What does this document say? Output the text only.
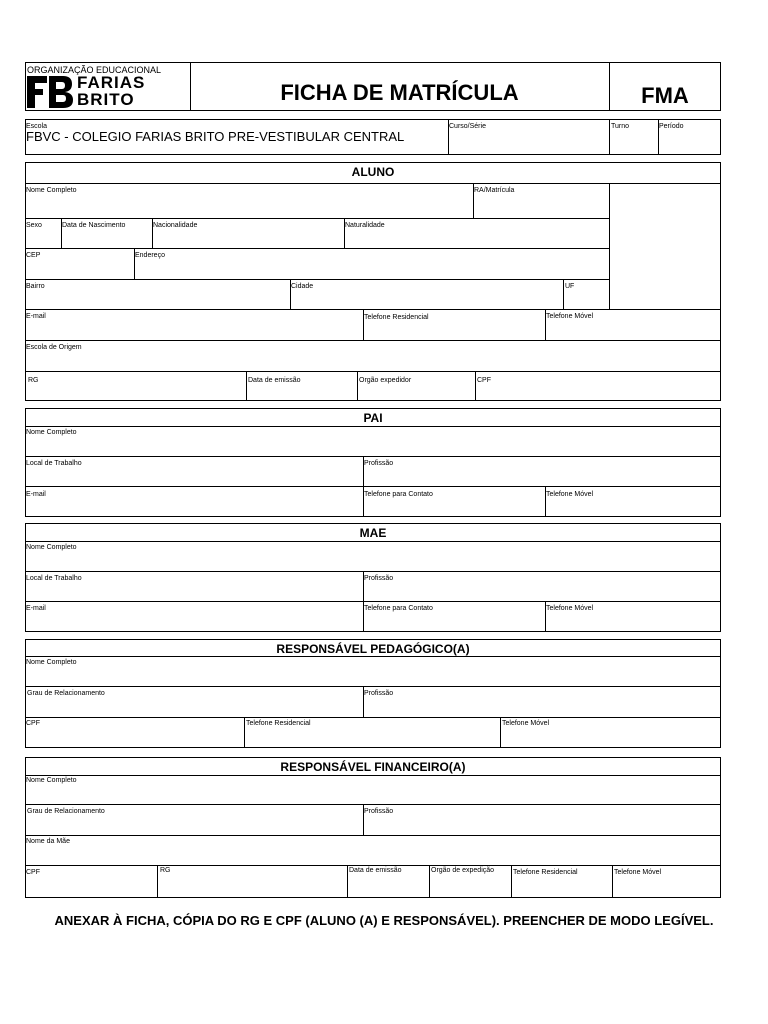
ORGANIZAÇÃO EDUCACIONAL
FARIAS
BRITO	FICHA DE MATRÍCULA	FMA
Escola
FBVC - COLEGIO FARIAS BRITO PRE-VESTIBULAR CENTRAL
Curso/Série	Turno	Período
ALUNO
Nome Completo	RA/Matrícula
Sexo	Data de Nascimento	Nacionalidade	Naturalidade
CEP	Endereço
Bairro	Cidade	UF
E-mail	Telefone Residencial	Telefone Móvel
Escola de Origem
RG	Data de emissão	Orgão expedidor	CPF
PAI
Nome Completo
Local de Trabalho	Profissão
E-mail	Telefone para Contato	Telefone Móvel
MAE
Nome Completo
Local de Trabalho	Profissão
E-mail	Telefone para Contato	Telefone Móvel
RESPONSÁVEL PEDAGÓGICO(A)
Nome Completo
Grau de Relacionamento	Profissão
CPF	Telefone Residencial	Telefone Móvel
RESPONSÁVEL FINANCEIRO(A)
Nome Completo
Grau de Relacionamento	Profissão
Nome da Mãe
CPF	RG	Data de emissão	Orgão de expedição	Telefone Residencial	Telefone Móvel
ANEXAR À FICHA, CÓPIA DO RG E CPF (ALUNO (A) E RESPONSÁVEL). PREENCHER DE MODO LEGÍVEL.
